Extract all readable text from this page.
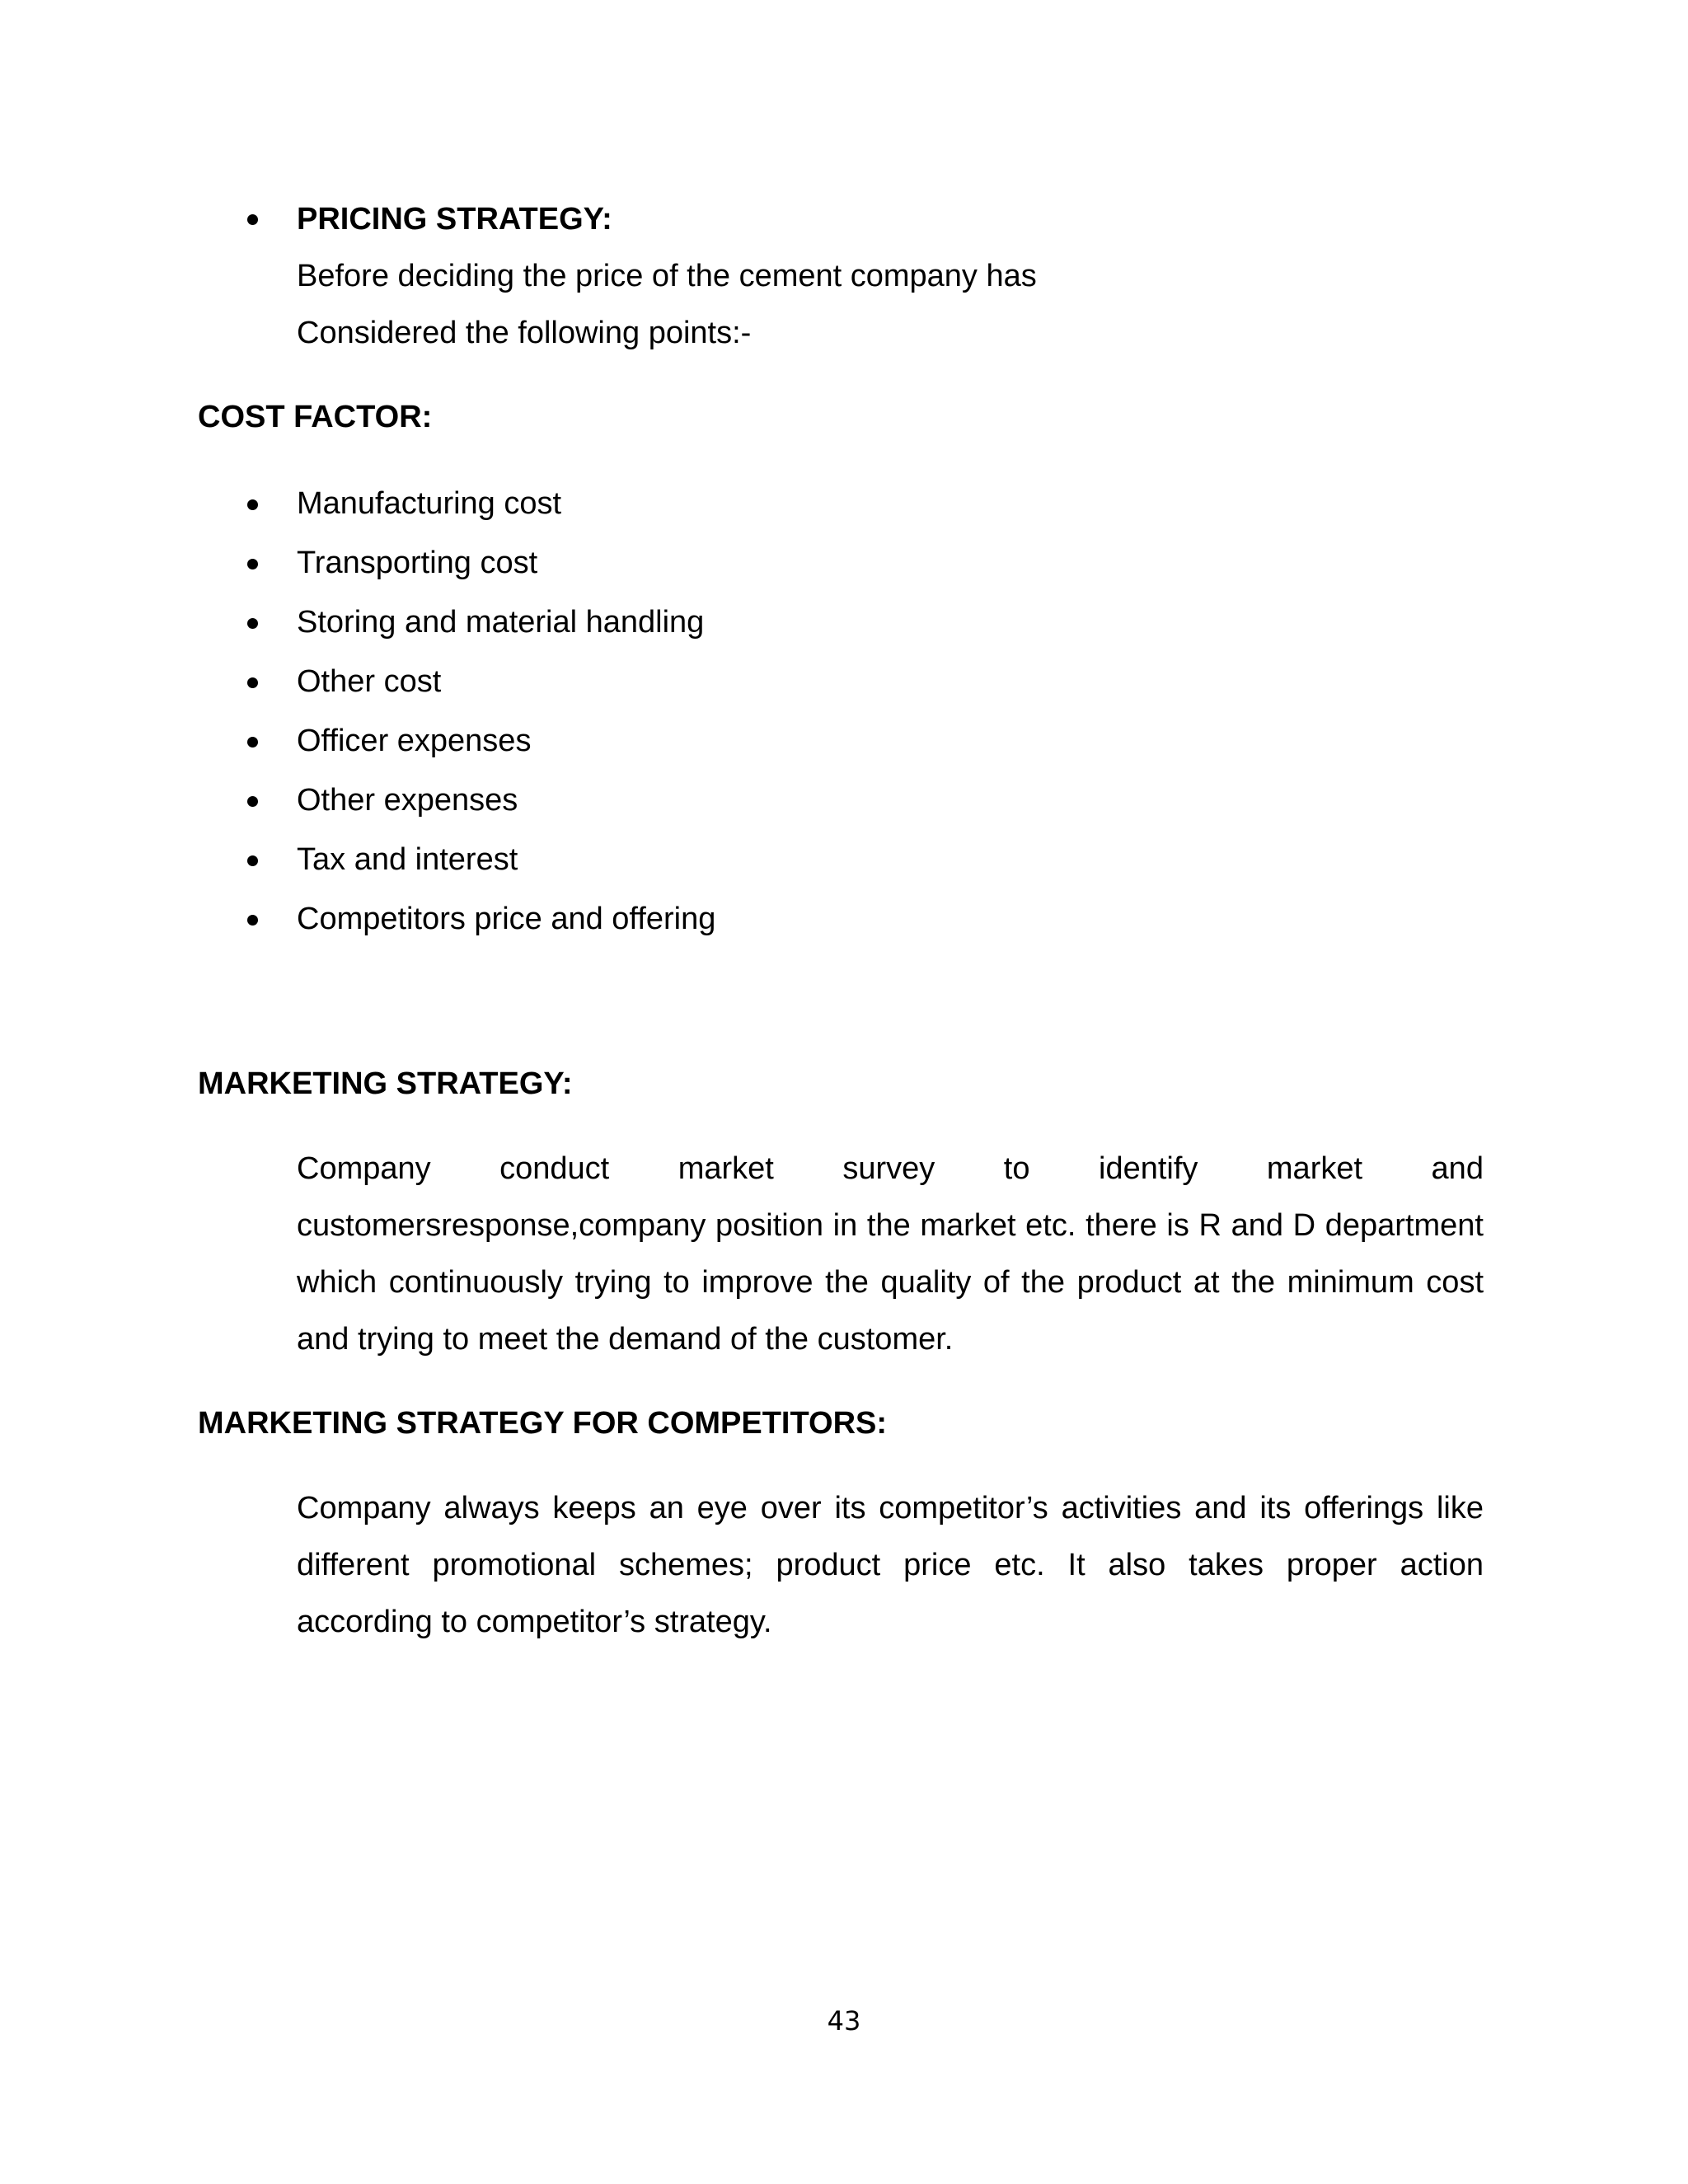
PRICING STRATEGY:
Before deciding the price of the cement company has
Considered the following points:-
COST FACTOR:
Manufacturing cost
Transporting cost
Storing and material handling
Other cost
Officer expenses
Other expenses
Tax and interest
Competitors price and offering
MARKETING STRATEGY:
Company conduct market survey to identify market and
customersresponse,company position in the market etc. there is R and D department which continuously trying to improve the quality of the product at the minimum cost and trying to meet the demand of the customer.
MARKETING STRATEGY FOR COMPETITORS:
Company always keeps an eye over its competitor’s activities and its offerings like different promotional schemes; product price etc. It also takes proper action according to competitor’s strategy.
43
